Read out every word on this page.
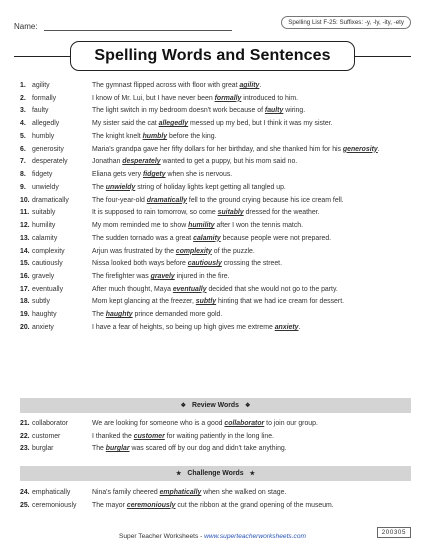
Name:	Spelling List F-25: Suffixes: -y, -ly, -ity, -ety
Spelling Words and Sentences
1. agility	The gymnast flipped across with floor with great agility.
2. formally	I know of Mr. Lui, but I have never been formally introduced to him.
3. faulty	The light switch in my bedroom doesn't work because of faulty wiring.
4. allegedly	My sister said the cat allegedly messed up my bed, but I think it was my sister.
5. humbly	The knight knelt humbly before the king.
6. generosity	Maria's grandpa gave her fifty dollars for her birthday, and she thanked him for his generosity.
7. desperately	Jonathan desperately wanted to get a puppy, but his mom said no.
8. fidgety	Eliana gets very fidgety when she is nervous.
9. unwieldy	The unwieldy string of holiday lights kept getting all tangled up.
10. dramatically	The four-year-old dramatically fell to the ground crying because his ice cream fell.
11. suitably	It is supposed to rain tomorrow, so come suitably dressed for the weather.
12. humility	My mom reminded me to show humility after I won the tennis match.
13. calamity	The sudden tornado was a great calamity because people were not prepared.
14. complexity	Arjun was frustrated by the complexity of the puzzle.
15. cautiously	Nissa looked both ways before cautiously crossing the street.
16. gravely	The firefighter was gravely injured in the fire.
17. eventually	After much thought, Maya eventually decided that she would not go to the party.
18. subtly	Mom kept glancing at the freezer, subtly hinting that we had ice cream for dessert.
19. haughty	The haughty prince demanded more gold.
20. anxiety	I have a fear of heights, so being up high gives me extreme anxiety.
❖ Review Words ❖
21. collaborator	We are looking for someone who is a good collaborator to join our group.
22. customer	I thanked the customer for waiting patiently in the long line.
23. burglar	The burglar was scared off by our dog and didn't take anything.
★ Challenge Words ★
24. emphatically	Nina's family cheered emphatically when she walked on stage.
25. ceremoniously	The mayor ceremoniously cut the ribbon at the grand opening of the museum.
Super Teacher Worksheets - www.superteacherworksheets.com
200305
